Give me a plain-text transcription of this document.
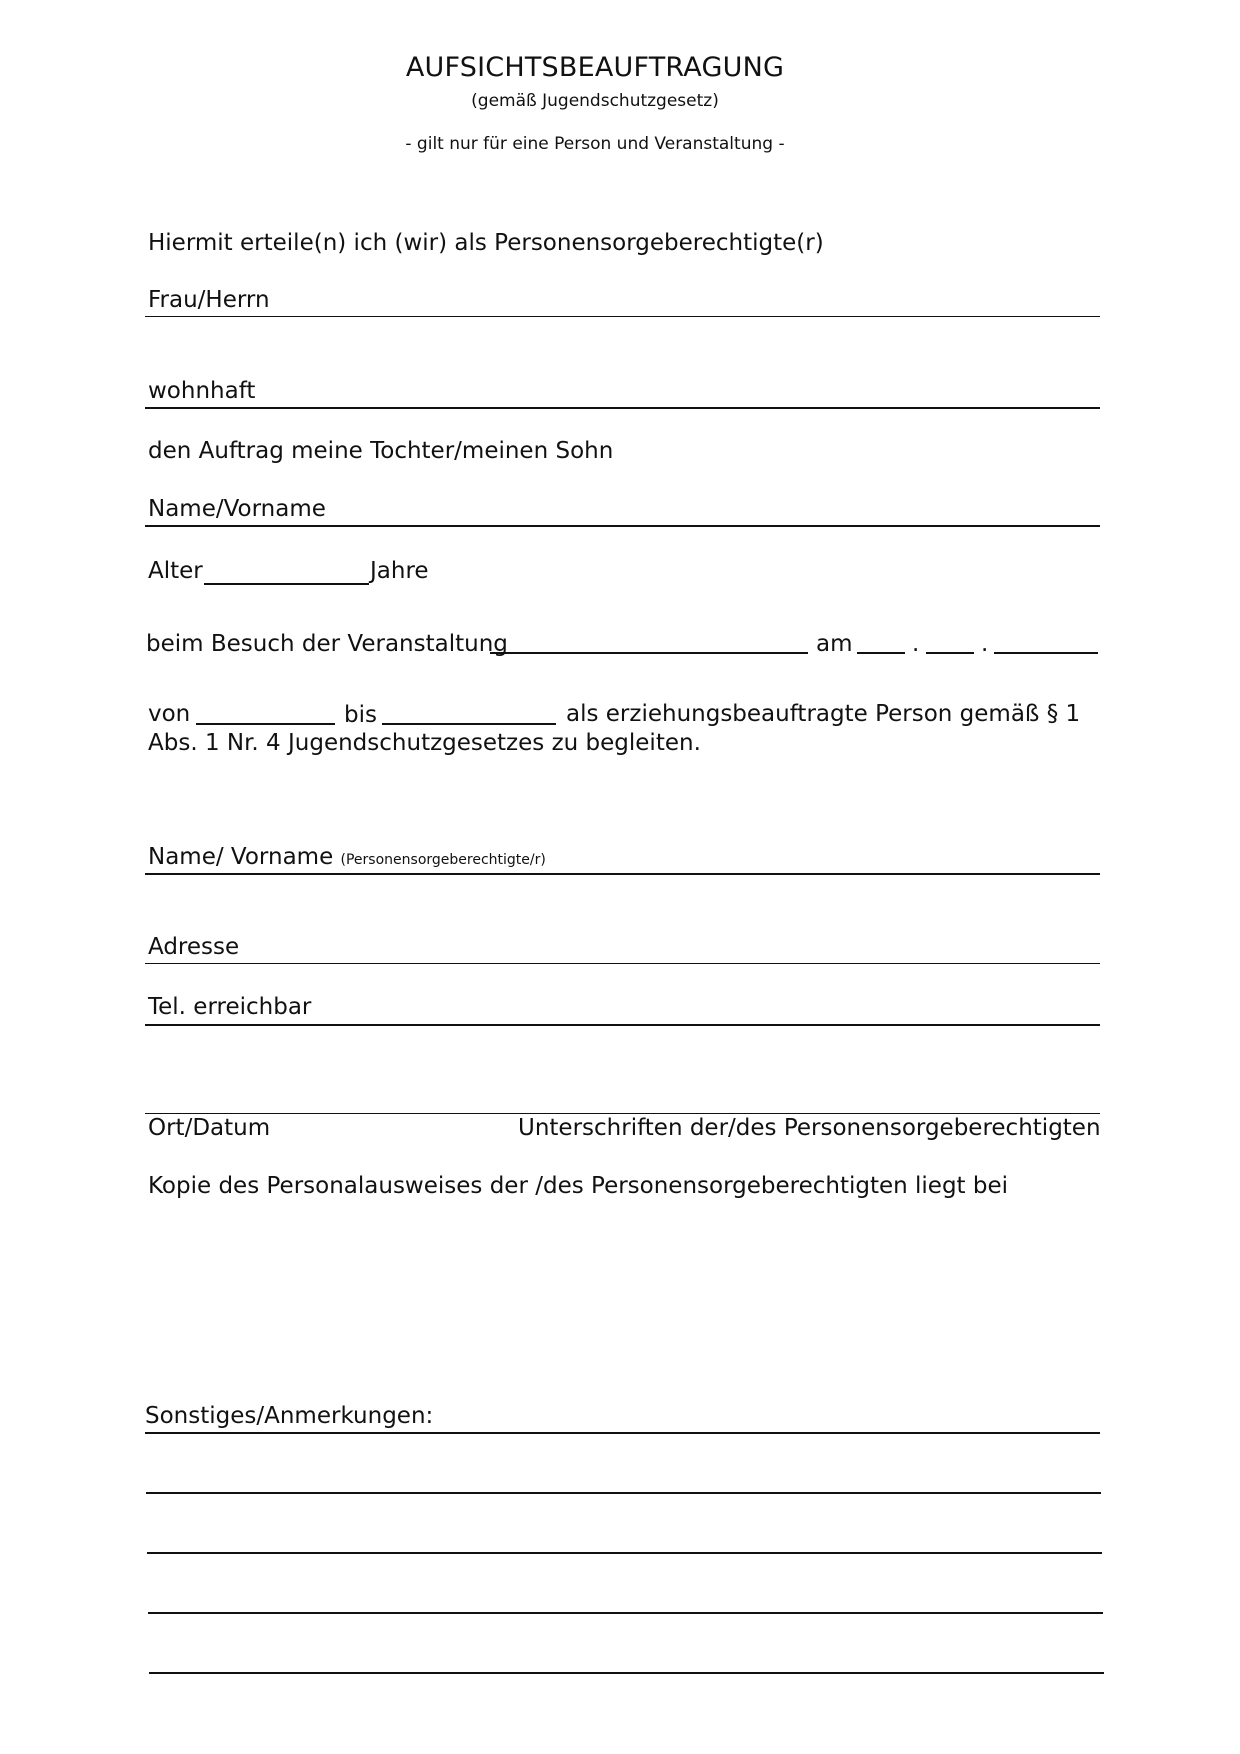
AUFSICHTSBEAUFTRAGUNG
(gemäß Jugendschutzgesetz)
- gilt nur für eine Person und Veranstaltung -
Hiermit erteile(n) ich (wir) als Personensorgeberechtigte(r)
Frau/Herrn
wohnhaft
den Auftrag meine Tochter/meinen Sohn
Name/Vorname
Alter	Jahre
beim Besuch der Veranstaltung	am	.	.
von	bis	als erziehungsbeauftragte Person gemäß § 1
Abs. 1 Nr. 4 Jugendschutzgesetzes zu begleiten.
Name/ Vorname (Personensorgeberechtigte/r)
Adresse
Tel. erreichbar
Ort/Datum	Unterschriften der/des Personensorgeberechtigten
Kopie des Personalausweises der /des Personensorgeberechtigten liegt bei
Sonstiges/Anmerkungen:
